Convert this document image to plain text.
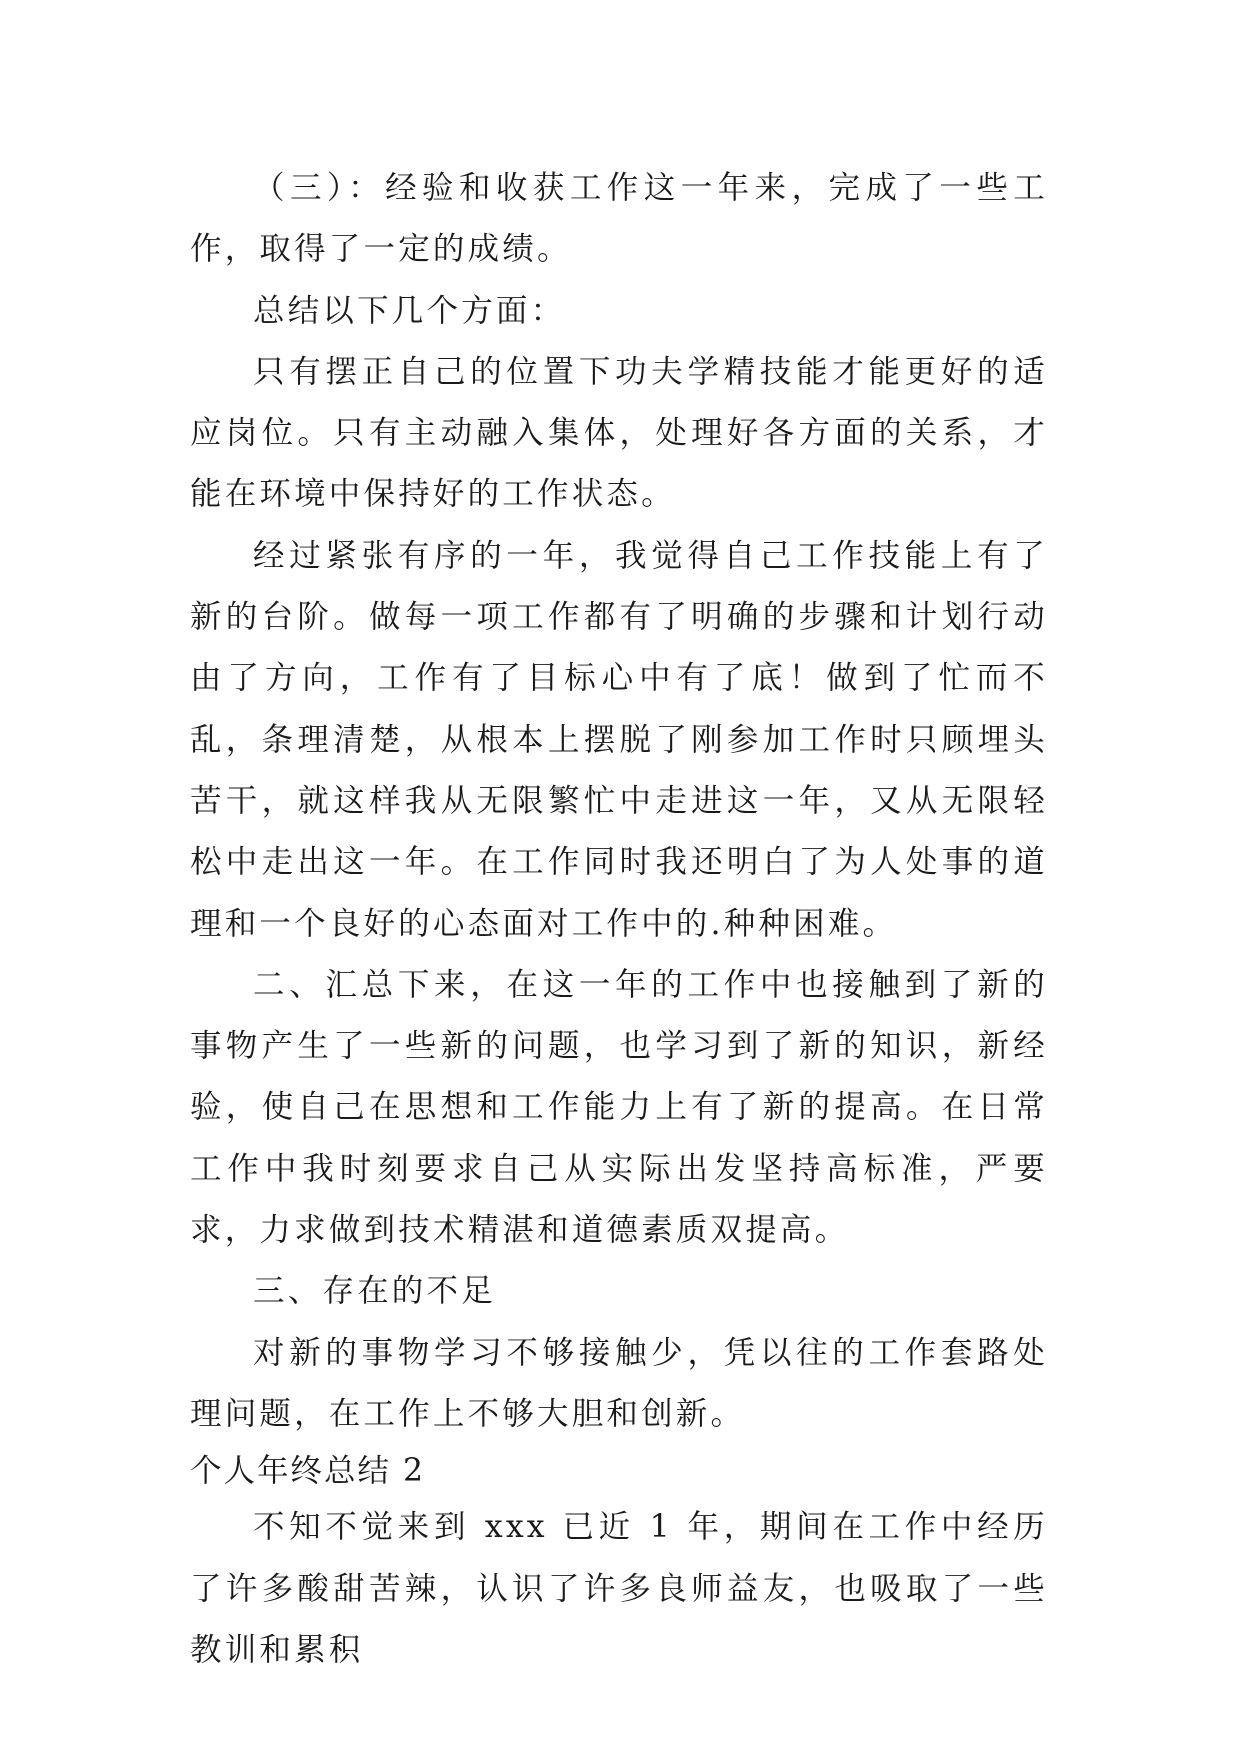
（三）：经验和收获工作这一年来，完成了一些工作，取得了一定的成绩。

总结以下几个方面：

只有摆正自己的位置下功夫学精技能才能更好的适应岗位。只有主动融入集体，处理好各方面的关系，才能在环境中保持好的工作状态。

经过紧张有序的一年，我觉得自己工作技能上有了新的台阶。做每一项工作都有了明确的步骤和计划行动由了方向，工作有了目标心中有了底！做到了忙而不乱，条理清楚，从根本上摆脱了刚参加工作时只顾埋头苦干，就这样我从无限繁忙中走进这一年，又从无限轻松中走出这一年。在工作同时我还明白了为人处事的道理和一个良好的心态面对工作中的.种种困难。

二、汇总下来，在这一年的工作中也接触到了新的事物产生了一些新的问题，也学习到了新的知识，新经验，使自己在思想和工作能力上有了新的提高。在日常工作中我时刻要求自己从实际出发坚持高标准，严要求，力求做到技术精湛和道德素质双提高。

三、存在的不足

对新的事物学习不够接触少，凭以往的工作套路处理问题，在工作上不够大胆和创新。

个人年终总结 2

不知不觉来到 xxx 已近 1 年，期间在工作中经历了许多酸甜苦辣，认识了许多良师益友，也吸取了一些教训和累积
